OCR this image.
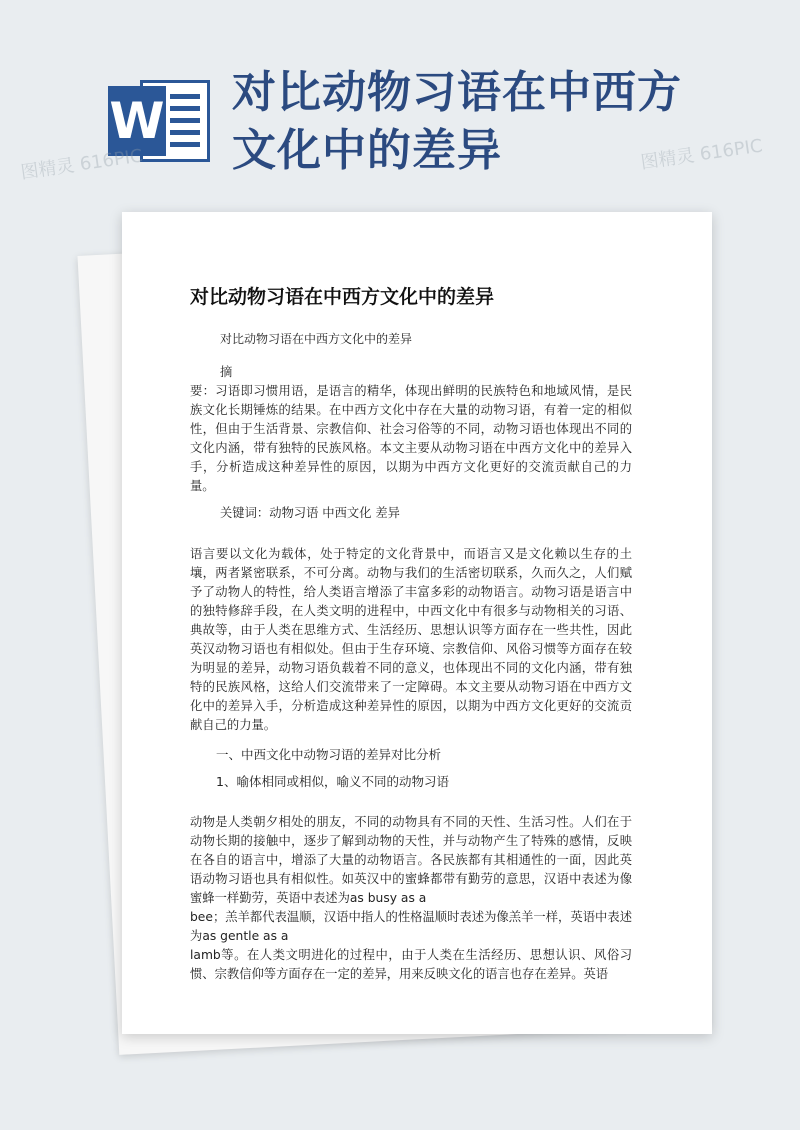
W 对比动物习语在中西方
文化中的差异
图精灵 616PIC	图精灵 616PIC
对比动物习语在中西方文化中的差异

对比动物习语在中西方文化中的差异

摘

要：习语即习惯用语，是语言的精华，体现出鲜明的民族特色和地域风情，是民族文化长期锤炼的结果。在中西方文化中存在大量的动物习语，有着一定的相似性，但由于生活背景、宗教信仰、社会习俗等的不同，动物习语也体现出不同的文化内涵，带有独特的民族风格。本文主要从动物习语在中西方文化中的差异入手，分析造成这种差异性的原因，以期为中西方文化更好的交流贡献自己的力量。

关键词：动物习语 中西文化 差异

语言要以文化为载体，处于特定的文化背景中，而语言又是文化赖以生存的土壤，两者紧密联系，不可分离。动物与我们的生活密切联系，久而久之，人们赋予了动物人的特性，给人类语言增添了丰富多彩的动物语言。动物习语是语言中的独特修辞手段，在人类文明的进程中，中西文化中有很多与动物相关的习语、典故等，由于人类在思维方式、生活经历、思想认识等方面存在一些共性，因此英汉动物习语也有相似处。但由于生存环境、宗教信仰、风俗习惯等方面存在较为明显的差异，动物习语负载着不同的意义，也体现出不同的文化内涵，带有独特的民族风格，这给人们交流带来了一定障碍。本文主要从动物习语在中西方文化中的差异入手，分析造成这种差异性的原因，以期为中西方文化更好的交流贡献自己的力量。

一、中西文化中动物习语的差异对比分析

1、喻体相同或相似，喻义不同的动物习语

动物是人类朝夕相处的朋友，不同的动物具有不同的天性、生活习性。人们在于动物长期的接触中，逐步了解到动物的天性，并与动物产生了特殊的感情，反映在各自的语言中，增添了大量的动物语言。各民族都有其相通性的一面，因此英语动物习语也具有相似性。如英汉中的蜜蜂都带有勤劳的意思，汉语中表述为像蜜蜂一样勤劳，英语中表述为as busy as a
bee；羔羊都代表温顺，汉语中指人的性格温顺时表述为像羔羊一样，英语中表述为as gentle as a
lamb等。在人类文明进化的过程中，由于人类在生活经历、思想认识、风俗习惯、宗教信仰等方面存在一定的差异，用来反映文化的语言也存在差异。英语
